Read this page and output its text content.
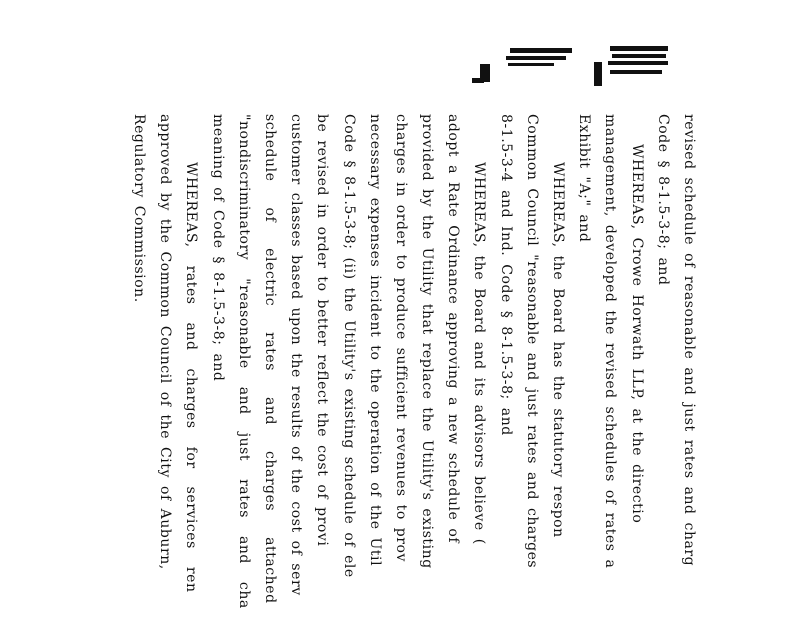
revised schedule of reasonable and just rates and charg
Code § 8-1.5-3-8; and
WHEREAS, Crowe Horwath LLP, at the directio
management, developed the revised schedules of rates a
Exhibit "A;" and
WHEREAS, the Board has the statutory respon
Common Council "reasonable and just rates and charges
8-1.5-3-4 and Ind. Code § 8-1.5-3-8; and
WHEREAS, the Board and its advisors believe (
adopt a Rate Ordinance approving a new schedule of
provided by the Utility that replace the Utility's existing
charges in order to produce sufficient revenues to prov
necessary expenses incident to the operation of the Util
Code § 8-1.5-3-8; (ii) the Utility's existing schedule of ele
be revised in order to better reflect the cost of provi
customer classes based upon the results of the cost of serv
schedule of electric rates and charges attached
"nondiscriminatory "reasonable and just rates and cha
meaning of Code § 8-1.5-3-8; and
WHEREAS, rates and charges for services ren
approved by the Common Council of the City of Auburn,
Regulatory Commission.
